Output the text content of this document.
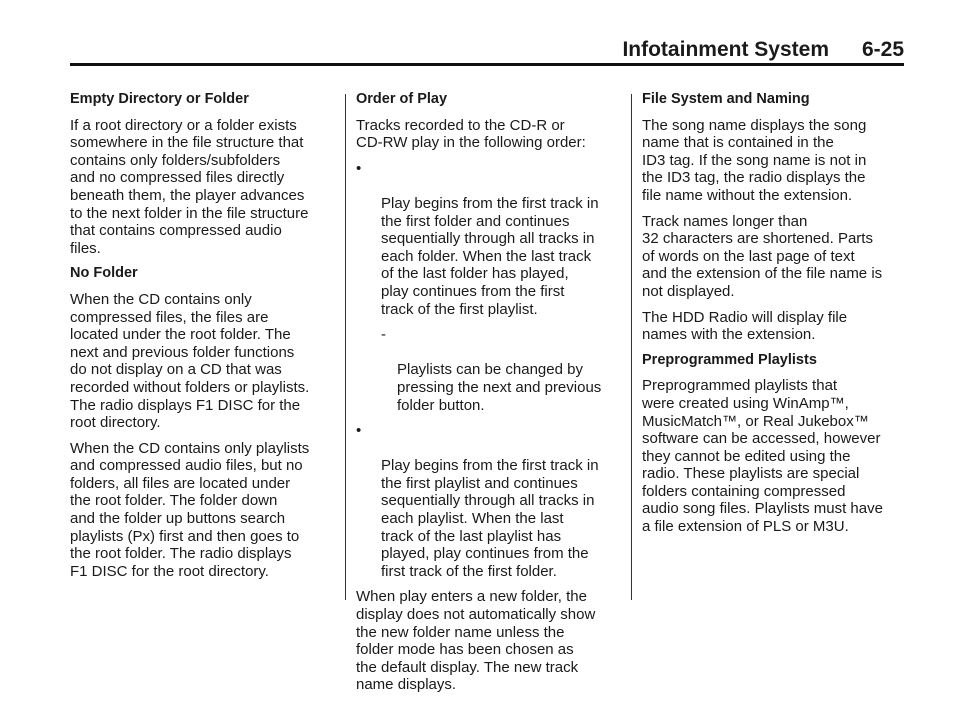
Infotainment System 6-25
Empty Directory or Folder
If a root directory or a folder exists
somewhere in the file structure that
contains only folders/subfolders
and no compressed files directly
beneath them, the player advances
to the next folder in the file structure
that contains compressed audio
files.
No Folder
When the CD contains only
compressed files, the files are
located under the root folder. The
next and previous folder functions
do not display on a CD that was
recorded without folders or playlists.
The radio displays F1 DISC for the
root directory.
When the CD contains only playlists
and compressed audio files, but no
folders, all files are located under
the root folder. The folder down
and the folder up buttons search
playlists (Px) first and then goes to
the root folder. The radio displays
F1 DISC for the root directory.
Order of Play
Tracks recorded to the CD-R or
CD-RW play in the following order:

•

Play begins from the first track in
the first folder and continues
sequentially through all tracks in
each folder. When the last track
of the last folder has played,
play continues from the first
track of the first playlist.

-

Playlists can be changed by
pressing the next and previous
folder button.

•

Play begins from the first track in
the first playlist and continues
sequentially through all tracks in
each playlist. When the last
track of the last playlist has
played, play continues from the
first track of the first folder.

When play enters a new folder, the
display does not automatically show
the new folder name unless the
folder mode has been chosen as
the default display. The new track
name displays.
File System and Naming
The song name displays the song
name that is contained in the
ID3 tag. If the song name is not in
the ID3 tag, the radio displays the
file name without the extension.
Track names longer than
32 characters are shortened. Parts
of words on the last page of text
and the extension of the file name is
not displayed.
The HDD Radio will display file
names with the extension.
Preprogrammed Playlists
Preprogrammed playlists that
were created using WinAmp™,
MusicMatch™, or Real Jukebox™
software can be accessed, however
they cannot be edited using the
radio. These playlists are special
folders containing compressed
audio song files. Playlists must have
a file extension of PLS or M3U.
